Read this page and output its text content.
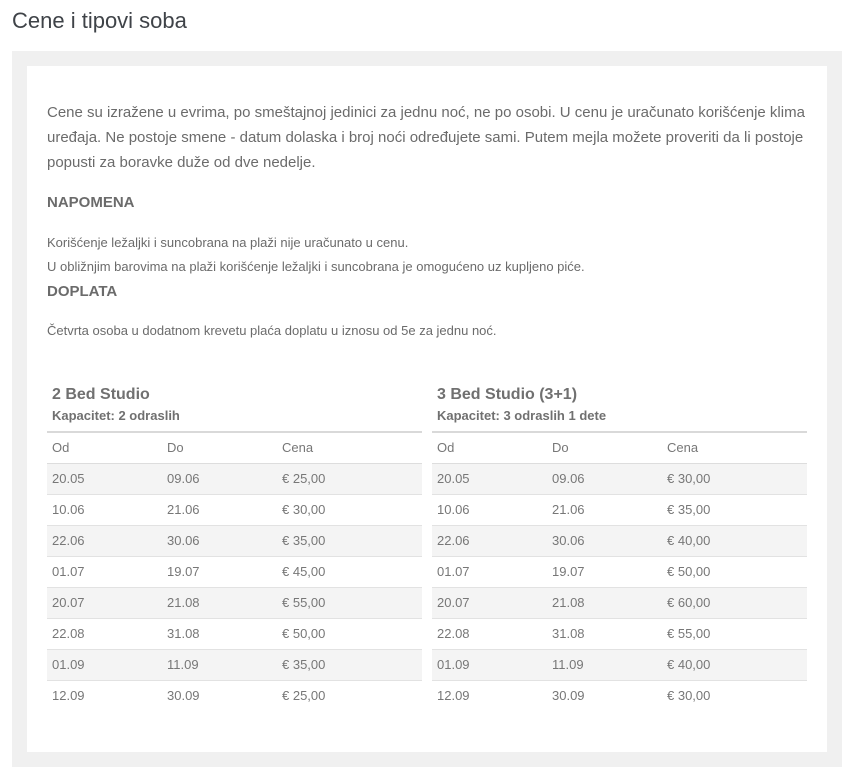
Cene i tipovi soba

Cene su izražene u evrima, po smeštajnoj jedinici za jednu noć, ne po osobi. U cenu je uračunato korišćenje klima uređaja. Ne postoje smene - datum dolaska i broj noći određujete sami. Putem mejla možete proveriti da li postoje popusti za boravke duže od dve nedelje.

NAPOMENA
Korišćenje ležaljki i suncobrana na plaži nije uračunato u cenu.
U obližnjim barovima na plaži korišćenje ležaljki i suncobrana je omogućeno uz kupljeno piće.
DOPLATA
Četvrta osoba u dodatnom krevetu plaća doplatu u iznosu od 5e za jednu noć.
2 Bed Studio
Kapacitet: 2 odraslih
Od	Do	Cena
20.05	09.06	€ 25,00
10.06	21.06	€ 30,00
22.06	30.06	€ 35,00
01.07	19.07	€ 45,00
20.07	21.08	€ 55,00
22.08	31.08	€ 50,00
01.09	11.09	€ 35,00
12.09	30.09	€ 25,00
3 Bed Studio (3+1)
Kapacitet: 3 odraslih 1 dete
Od	Do	Cena
20.05	09.06	€ 30,00
10.06	21.06	€ 35,00
22.06	30.06	€ 40,00
01.07	19.07	€ 50,00
20.07	21.08	€ 60,00
22.08	31.08	€ 55,00
01.09	11.09	€ 40,00
12.09	30.09	€ 30,00
